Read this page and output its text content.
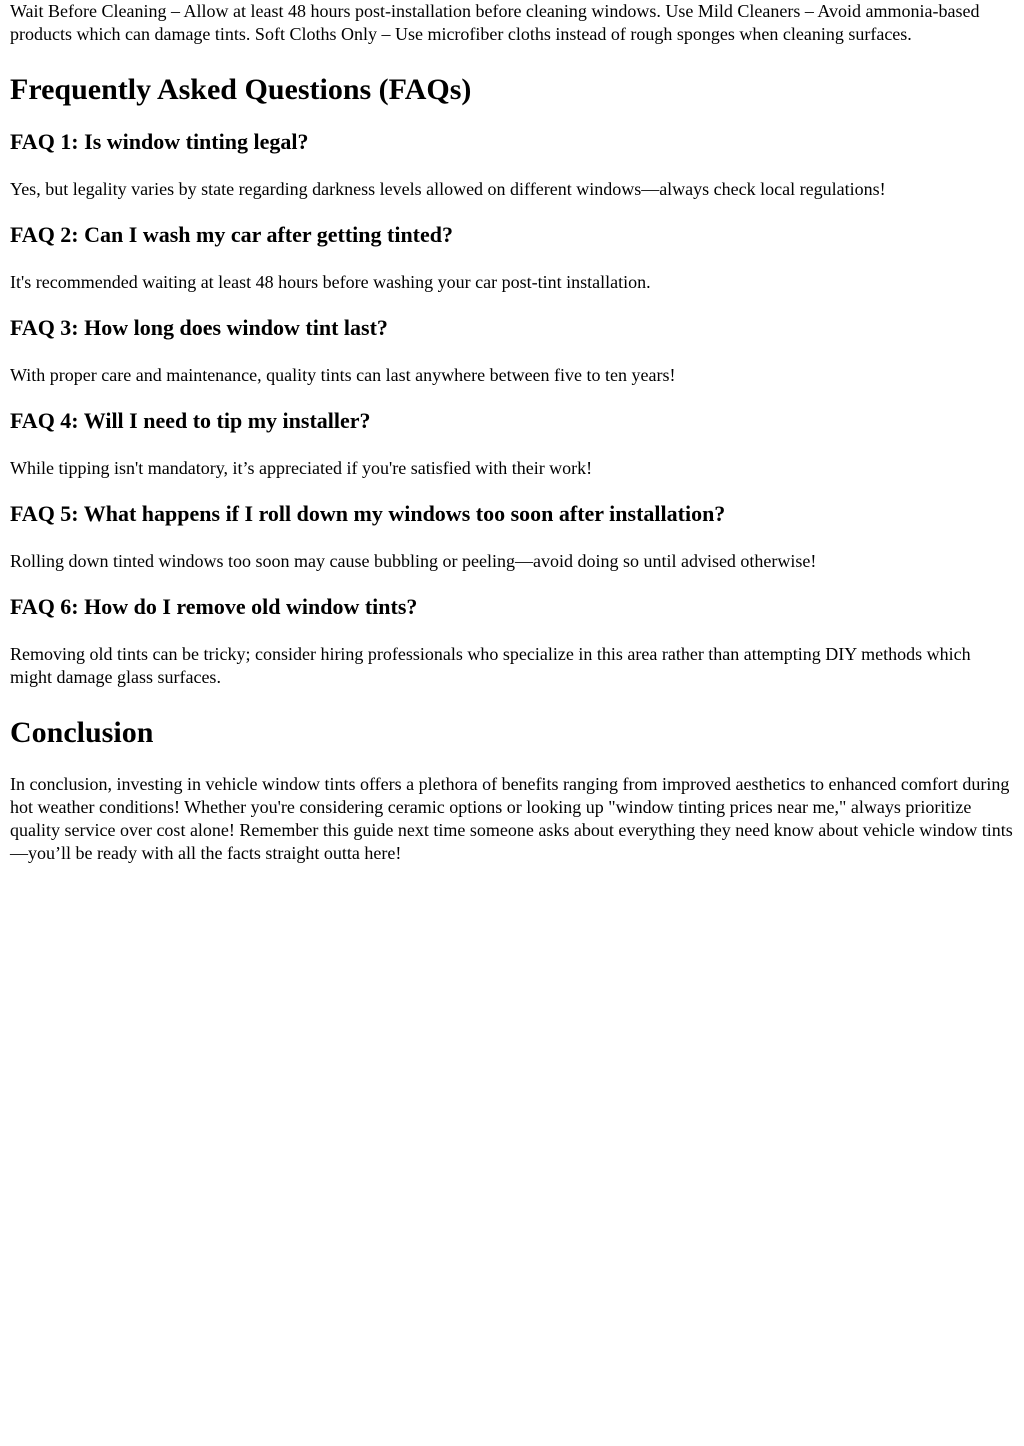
Wait Before Cleaning – Allow at least 48 hours post-installation before cleaning windows. Use Mild Cleaners – Avoid ammonia-based products which can damage tints. Soft Cloths Only – Use microfiber cloths instead of rough sponges when cleaning surfaces.

Frequently Asked Questions (FAQs)
FAQ 1: Is window tinting legal?

Yes, but legality varies by state regarding darkness levels allowed on different windows—always check local regulations!

FAQ 2: Can I wash my car after getting tinted?

It's recommended waiting at least 48 hours before washing your car post-tint installation.

FAQ 3: How long does window tint last?

With proper care and maintenance, quality tints can last anywhere between five to ten years!

FAQ 4: Will I need to tip my installer?

While tipping isn't mandatory, it’s appreciated if you're satisfied with their work!

FAQ 5: What happens if I roll down my windows too soon after installation?

Rolling down tinted windows too soon may cause bubbling or peeling—avoid doing so until advised otherwise!

FAQ 6: How do I remove old window tints?

Removing old tints can be tricky; consider hiring professionals who specialize in this area rather than attempting DIY methods which might damage glass surfaces.

Conclusion

In conclusion, investing in vehicle window tints offers a plethora of benefits ranging from improved aesthetics to enhanced comfort during hot weather conditions! Whether you're considering ceramic options or looking up "window tinting prices near me," always prioritize quality service over cost alone! Remember this guide next time someone asks about everything they need know about vehicle window tints—you’ll be ready with all the facts straight outta here!
